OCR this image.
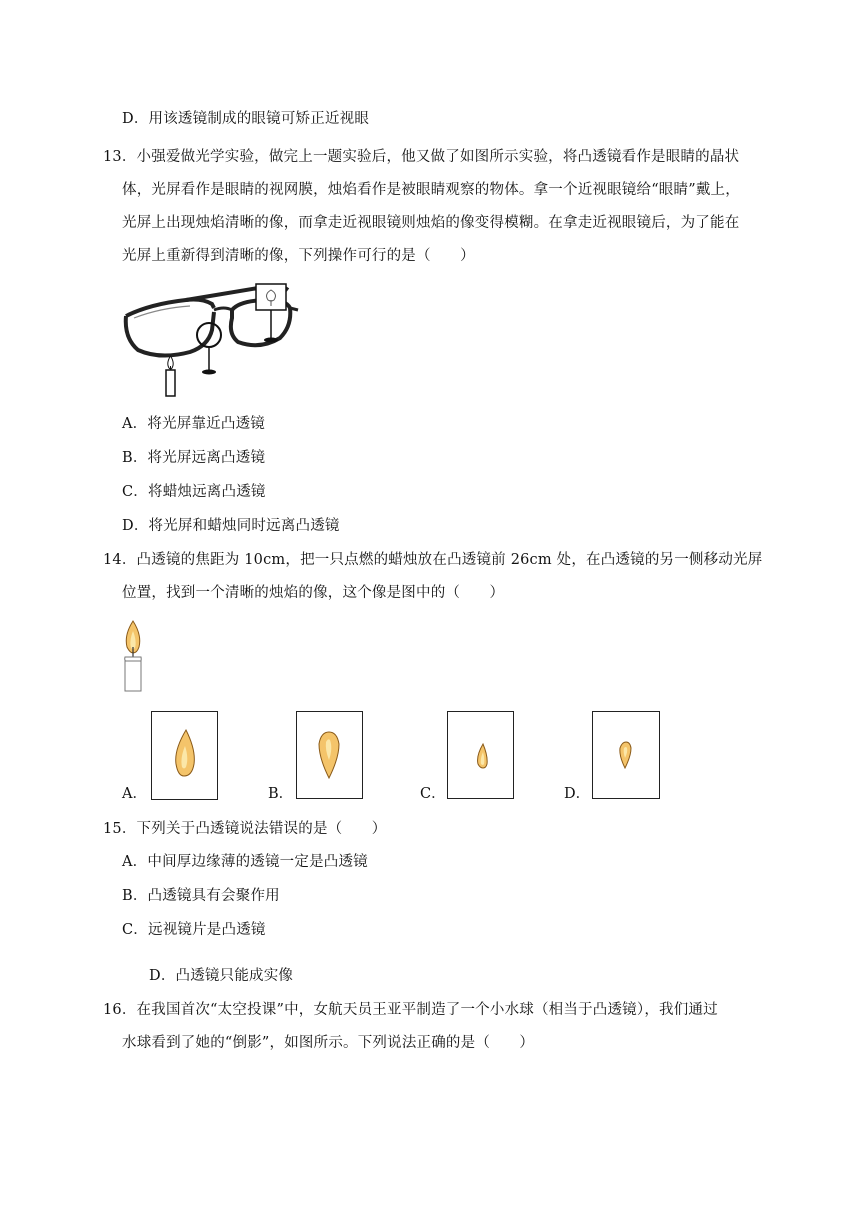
D．用该透镜制成的眼镜可矫正近视眼
13．小强爱做光学实验，做完上一题实验后，他又做了如图所示实验，将凸透镜看作是眼睛的晶状
体，光屏看作是眼睛的视网膜，烛焰看作是被眼睛观察的物体。拿一个近视眼镜给“眼睛”戴上，
光屏上出现烛焰清晰的像，而拿走近视眼镜则烛焰的像变得模糊。在拿走近视眼镜后，为了能在
光屏上重新得到清晰的像，下列操作可行的是（　　）
A．将光屏靠近凸透镜
B．将光屏远离凸透镜
C．将蜡烛远离凸透镜
D．将光屏和蜡烛同时远离凸透镜
14．凸透镜的焦距为 10cm，把一只点燃的蜡烛放在凸透镜前 26cm 处，在凸透镜的另一侧移动光屏
位置，找到一个清晰的烛焰的像，这个像是图中的（　　）
A．	B．	C．	D．
15．下列关于凸透镜说法错误的是（　　）
A．中间厚边缘薄的透镜一定是凸透镜
B．凸透镜具有会聚作用
C．远视镜片是凸透镜
D．凸透镜只能成实像
16．在我国首次“太空投课”中，女航天员王亚平制造了一个小水球（相当于凸透镜），我们通过
水球看到了她的“倒影”，如图所示。下列说法正确的是（　　）
